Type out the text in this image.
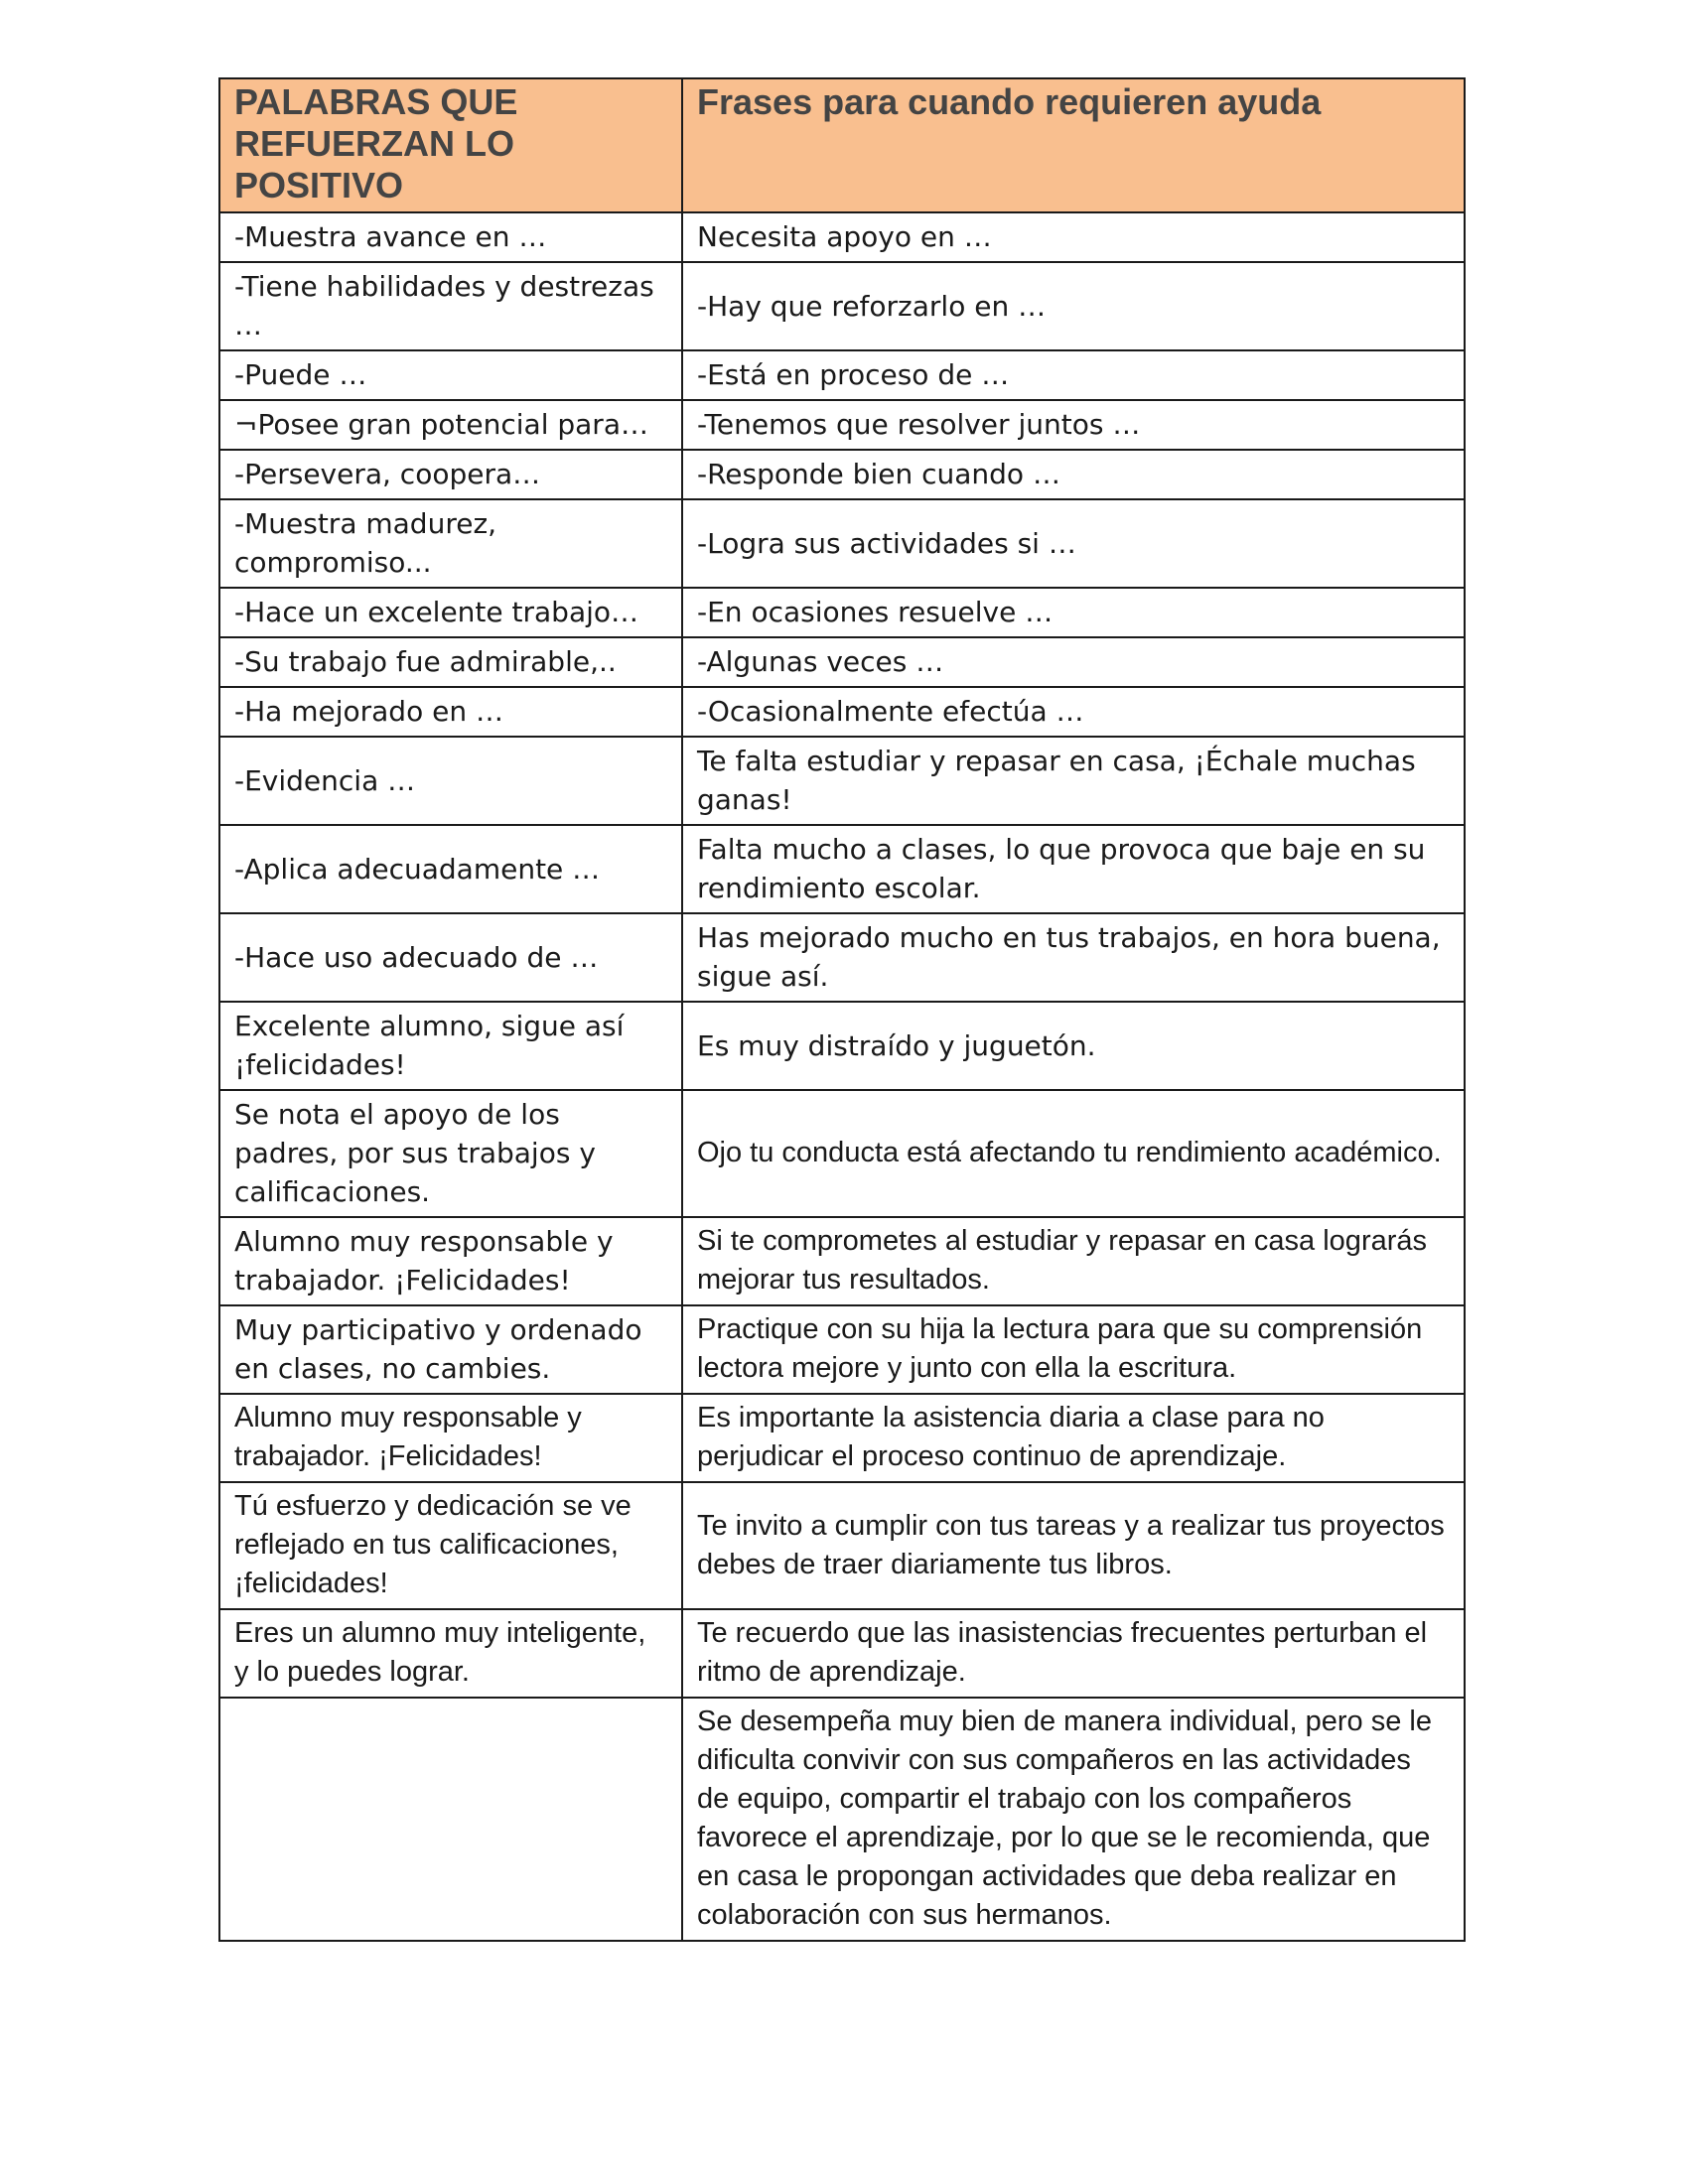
PALABRAS QUE REFUERZAN LO POSITIVO	Frases para cuando requieren ayuda
-Muestra avance en …	Necesita apoyo en …
-Tiene habilidades y destrezas …	-Hay que reforzarlo en …
-Puede …	-Está en proceso de …
¬Posee gran potencial para…	-Tenemos que resolver juntos …
-Persevera, coopera…	-Responde bien cuando …
-Muestra madurez, compromiso...	-Logra sus actividades si …
-Hace un excelente trabajo…	-En ocasiones resuelve …
-Su trabajo fue admirable,..	-Algunas veces …
-Ha mejorado en …	-Ocasionalmente efectúa …
-Evidencia …	Te falta estudiar y repasar en casa, ¡Échale muchas ganas!
-Aplica adecuadamente …	Falta mucho a clases, lo que provoca que baje en su rendimiento escolar.
-Hace uso adecuado de …	Has mejorado mucho en tus trabajos, en hora buena, sigue así.
Excelente alumno, sigue así ¡felicidades!	Es muy distraído y juguetón.
Se nota el apoyo de los padres, por sus trabajos y calificaciones.	Ojo tu conducta está afectando tu rendimiento académico.
Alumno muy responsable y trabajador. ¡Felicidades!	Si te comprometes al estudiar y repasar en casa lograrás mejorar tus resultados.
Muy participativo y ordenado en clases, no cambies.	Practique con su hija la lectura para que su comprensión lectora mejore y junto con ella la escritura.
Alumno muy responsable y trabajador. ¡Felicidades!	Es importante la asistencia diaria a clase para no perjudicar el proceso continuo de aprendizaje.
Tú esfuerzo y dedicación se ve reflejado en tus calificaciones, ¡felicidades!	Te invito a cumplir con tus tareas y a realizar tus proyectos debes de traer diariamente tus libros.
Eres un alumno muy inteligente, y lo puedes lograr.	Te recuerdo que las inasistencias frecuentes perturban el ritmo de aprendizaje.
	Se desempeña muy bien de manera individual, pero se le dificulta convivir con sus compañeros en las actividades de equipo, compartir el trabajo con los compañeros favorece el aprendizaje, por lo que se le recomienda, que en casa le propongan actividades que deba realizar en colaboración con sus hermanos.
